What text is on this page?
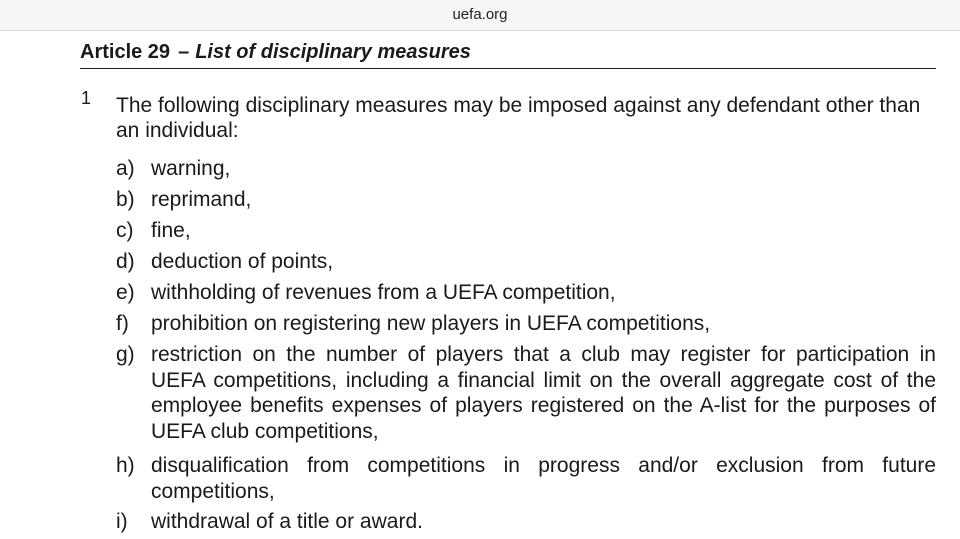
uefa.org
Article 29 – List of disciplinary measures
1 The following disciplinary measures may be imposed against any defendant other than an individual:

a) warning,
b) reprimand,
c) fine,
d) deduction of points,
e) withholding of revenues from a UEFA competition,
f) prohibition on registering new players in UEFA competitions,
g) restriction on the number of players that a club may register for participation in UEFA competitions, including a financial limit on the overall aggregate cost of the employee benefits expenses of players registered on the A-list for the purposes of UEFA club competitions,
h) disqualification from competitions in progress and/or exclusion from future competitions,
i) withdrawal of a title or award.
